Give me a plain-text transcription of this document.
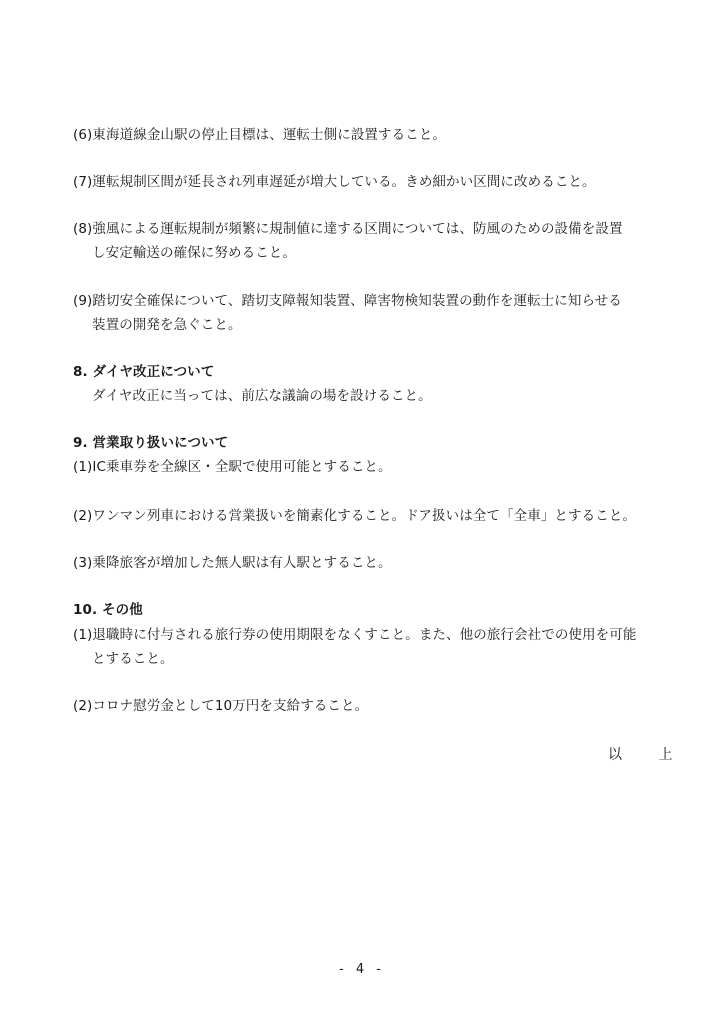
(6)東海道線金山駅の停止目標は、運転士側に設置すること。
(7)運転規制区間が延長され列車遅延が増大している。きめ細かい区間に改めること。
(8)強風による運転規制が頻繁に規制値に達する区間については、防風のための設備を設置
し安定輸送の確保に努めること。
(9)踏切安全確保について、踏切支障報知装置、障害物検知装置の動作を運転士に知らせる
装置の開発を急ぐこと。
8. ダイヤ改正について
ダイヤ改正に当っては、前広な議論の場を設けること。
9. 営業取り扱いについて
(1)IC乗車券を全線区・全駅で使用可能とすること。
(2)ワンマン列車における営業扱いを簡素化すること。ドア扱いは全て「全車」とすること。
(3)乗降旅客が増加した無人駅は有人駅とすること。
10. その他
(1)退職時に付与される旅行券の使用期限をなくすこと。また、他の旅行会社での使用を可能
とすること。
(2)コロナ慰労金として10万円を支給すること。
以 上
- 4 -
